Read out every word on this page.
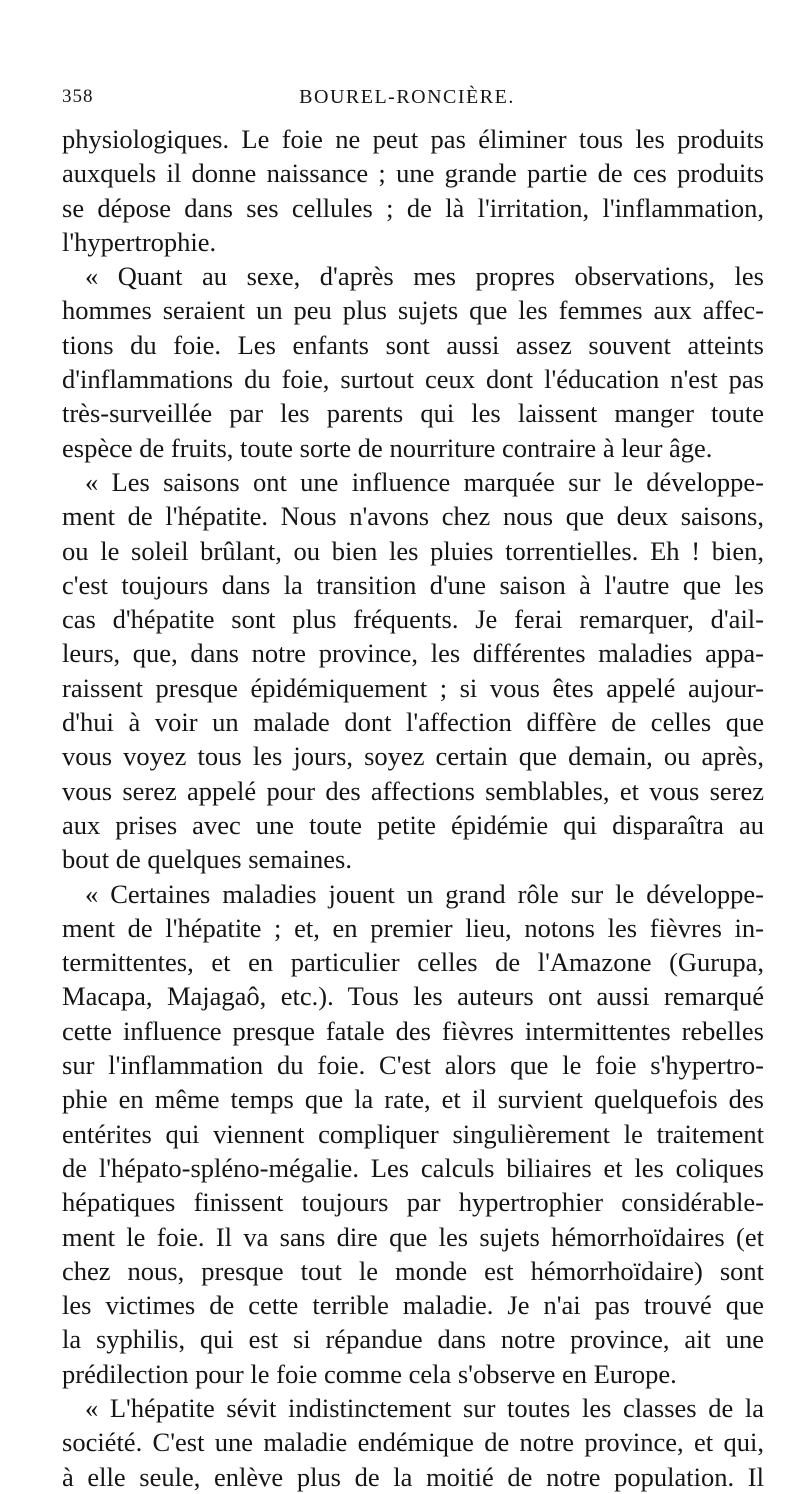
358	BOUREL-RONCIÈRE.
physiologiques. Le foie ne peut pas éliminer tous les produits
auxquels il donne naissance ; une grande partie de ces produits
se dépose dans ses cellules ; de là l'irritation, l'inflammation,
l'hypertrophie.
« Quant au sexe, d'après mes propres observations, les
hommes seraient un peu plus sujets que les femmes aux affec-
tions du foie. Les enfants sont aussi assez souvent atteints
d'inflammations du foie, surtout ceux dont l'éducation n'est pas
très-surveillée par les parents qui les laissent manger toute
espèce de fruits, toute sorte de nourriture contraire à leur âge.
« Les saisons ont une influence marquée sur le développe-
ment de l'hépatite. Nous n'avons chez nous que deux saisons,
ou le soleil brûlant, ou bien les pluies torrentielles. Eh ! bien,
c'est toujours dans la transition d'une saison à l'autre que les
cas d'hépatite sont plus fréquents. Je ferai remarquer, d'ail-
leurs, que, dans notre province, les différentes maladies appa-
raissent presque épidémiquement ; si vous êtes appelé aujour-
d'hui à voir un malade dont l'affection diffère de celles que
vous voyez tous les jours, soyez certain que demain, ou après,
vous serez appelé pour des affections semblables, et vous serez
aux prises avec une toute petite épidémie qui disparaîtra au
bout de quelques semaines.
« Certaines maladies jouent un grand rôle sur le développe-
ment de l'hépatite ; et, en premier lieu, notons les fièvres in-
termittentes, et en particulier celles de l'Amazone (Gurupa,
Macapa, Majagaô, etc.). Tous les auteurs ont aussi remarqué
cette influence presque fatale des fièvres intermittentes rebelles
sur l'inflammation du foie. C'est alors que le foie s'hypertro-
phie en même temps que la rate, et il survient quelquefois des
entérites qui viennent compliquer singulièrement le traitement
de l'hépato-spléno-mégalie. Les calculs biliaires et les coliques
hépatiques finissent toujours par hypertrophier considérable-
ment le foie. Il va sans dire que les sujets hémorrhoïdaires (et
chez nous, presque tout le monde est hémorrhoïdaire) sont
les victimes de cette terrible maladie. Je n'ai pas trouvé que
la syphilis, qui est si répandue dans notre province, ait une
prédilection pour le foie comme cela s'observe en Europe.
« L'hépatite sévit indistinctement sur toutes les classes de la
société. C'est une maladie endémique de notre province, et qui,
à elle seule, enlève plus de la moitié de notre population. Il
